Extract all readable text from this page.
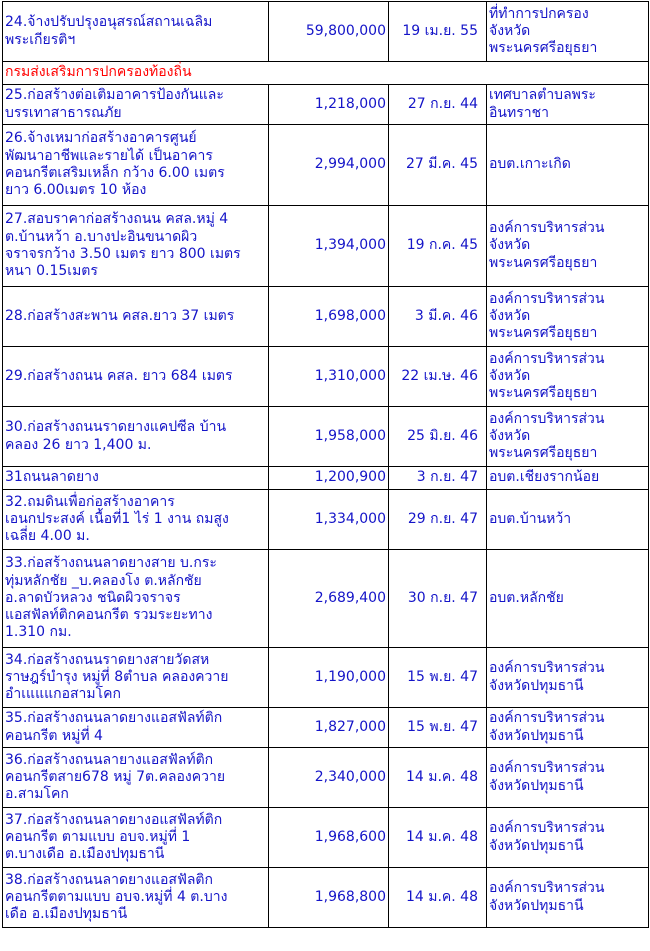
24.จ้างปรับปรุงอนุสรณ์สถานเฉลิม
พระเกียรติฯ	59,800,000	19 เม.ย. 55	ที่ทำการปกครอง
จังหวัด
พระนครศรีอยุธยา
กรมส่งเสริมการปกครองท้องถิ่น			
25.ก่อสร้างต่อเติมอาคารป้องกันและ
บรรเทาสาธารณภัย	1,218,000	27 ก.ย. 44	เทศบาลตำบลพระ
อินทราชา
26.จ้างเหมาก่อสร้างอาคารศูนย์
พัฒนาอาชีพและรายได้ เป็นอาคาร
คอนกรีตเสริมเหล็ก กว้าง 6.00 เมตร
ยาว 6.00เมตร 10 ห้อง	2,994,000	27 มี.ค. 45	อบต.เกาะเกิด
27.สอบราคาก่อสร้างถนน คสล.หมู่ 4
ต.บ้านหว้า อ.บางปะอินขนาดผิว
จราจรกว้าง 3.50 เมตร ยาว 800 เมตร
หนา 0.15เมตร	1,394,000	19 ก.ค. 45	องค์การบริหารส่วน
จังหวัด
พระนครศรีอยุธยา
28.ก่อสร้างสะพาน คสล.ยาว 37 เมตร	1,698,000	3 มี.ค. 46	องค์การบริหารส่วน
จังหวัด
พระนครศรีอยุธยา
29.ก่อสร้างถนน คสล. ยาว 684 เมตร	1,310,000	22 เม.ษ. 46	องค์การบริหารส่วน
จังหวัด
พระนครศรีอยุธยา
30.ก่อสร้างถนนราดยางแคปซีล บ้าน
คลอง 26 ยาว 1,400 ม.	1,958,000	25 มิ.ย. 46	องค์การบริหารส่วน
จังหวัด
พระนครศรีอยุธยา
31ถนนลาดยาง	1,200,900	3 ก.ย. 47	อบต.เชียงรากน้อย
32.ถมดินเพื่อก่อสร้างอาคาร
เอนกประสงค์ เนื้อที่1 ไร่ 1 งาน ถมสูง
เฉลี่ย 4.00 ม.	1,334,000	29 ก.ย. 47	อบต.บ้านหว้า
33.ก่อสร้างถนนลาดยางสาย บ.กระ
ทุ่มหลักชัย _บ.คลองโง ต.หลักชัย
อ.ลาดบัวหลวง ชนิดผิวจราจร
แอสฟัลท์ติกคอนกรีต รวมระยะทาง
1.310 กม.	2,689,400	30 ก.ย. 47	อบต.หลักชัย
34.ก่อสร้างถนนราดยางสายวัดสห
ราษฎร์บำรุง หมู่ที่ 8ตำบล คลองควาย
อำเแแแกอสามโคก	1,190,000	15 พ.ย. 47	องค์การบริหารส่วน
จังหวัดปทุมธานี
35.ก่อสร้างถนนลาดยางแอสฟัลท์ติก
คอนกรีต หมู่ที่ 4	1,827,000	15 พ.ย. 47	องค์การบริหารส่วน
จังหวัดปทุมธานี
36.ก่อสร้างถนนลายางแอสฟัลท์ติก
คอนกรีตสาย678 หมู่ 7ต.คลองควาย
อ.สามโคก	2,340,000	14 ม.ค. 48	องค์การบริหารส่วน
จังหวัดปทุมธานี
37.ก่อสร้างถนนลาดยางอแสฟัลท์ติก
คอนกรีต ตามแบบ อบจ.หมู่ที่ 1
ต.บางเดือ อ.เมืองปทุมธานี	1,968,600	14 ม.ค. 48	องค์การบริหารส่วน
จังหวัดปทุมธานี
38.ก่อสร้างถนนลาดยางแอสฟัลติก
คอนกรีตตามแบบ อบจ.หมู่ที่ 4 ต.บาง
เดือ อ.เมืองปทุมธานี	1,968,800	14 ม.ค. 48	องค์การบริหารส่วน
จังหวัดปทุมธานี
